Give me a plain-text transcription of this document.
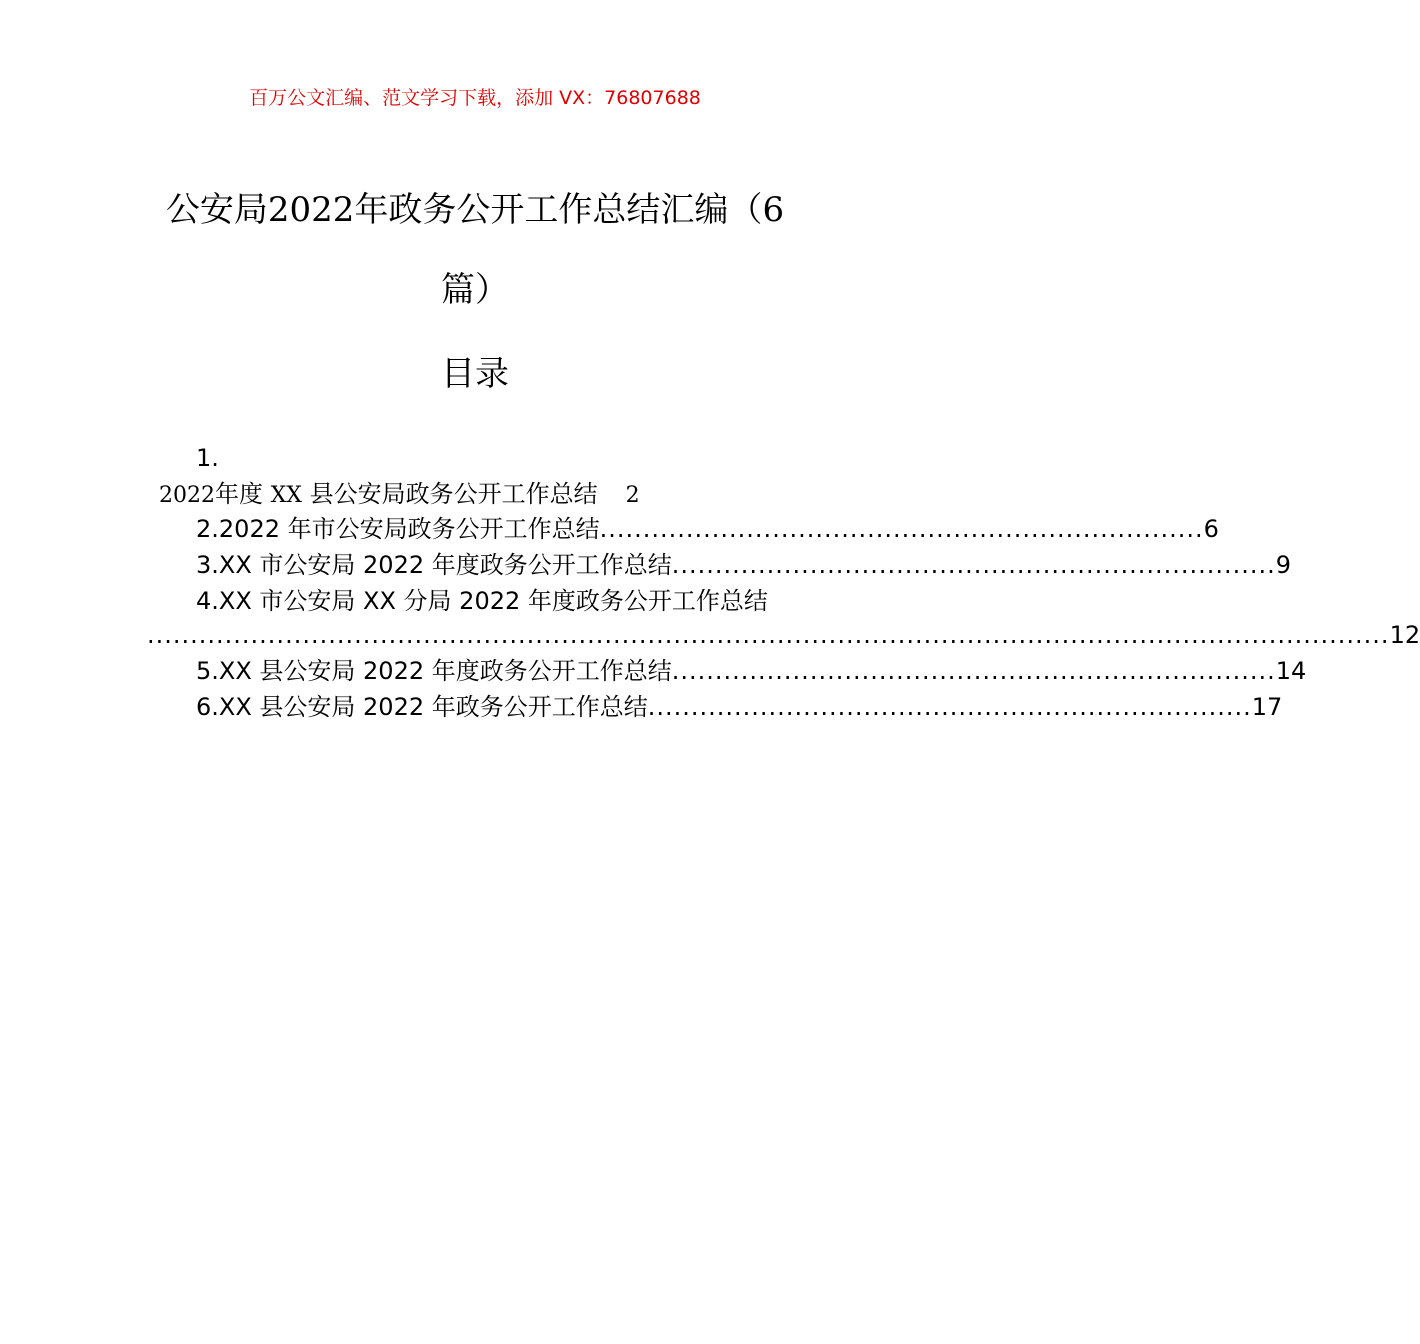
百万公文汇编、范文学习下载，添加 VX：76807688
公安局2022年政务公开工作总结汇编（6
篇）
目录
1.
2022年度 XX 县公安局政务公开工作总结 2
2.2022 年市公安局政务公开工作总结 ...................................................................... 6
3.XX 市公安局 2022 年度政务公开工作总结 ...................................................................... 9
4.XX 市公安局 XX 分局 2022 年度政务公开工作总结
................................................................................................................................................ 12
5.XX 县公安局 2022 年度政务公开工作总结 ...................................................................... 14
6.XX 县公安局 2022 年政务公开工作总结 ...................................................................... 17
